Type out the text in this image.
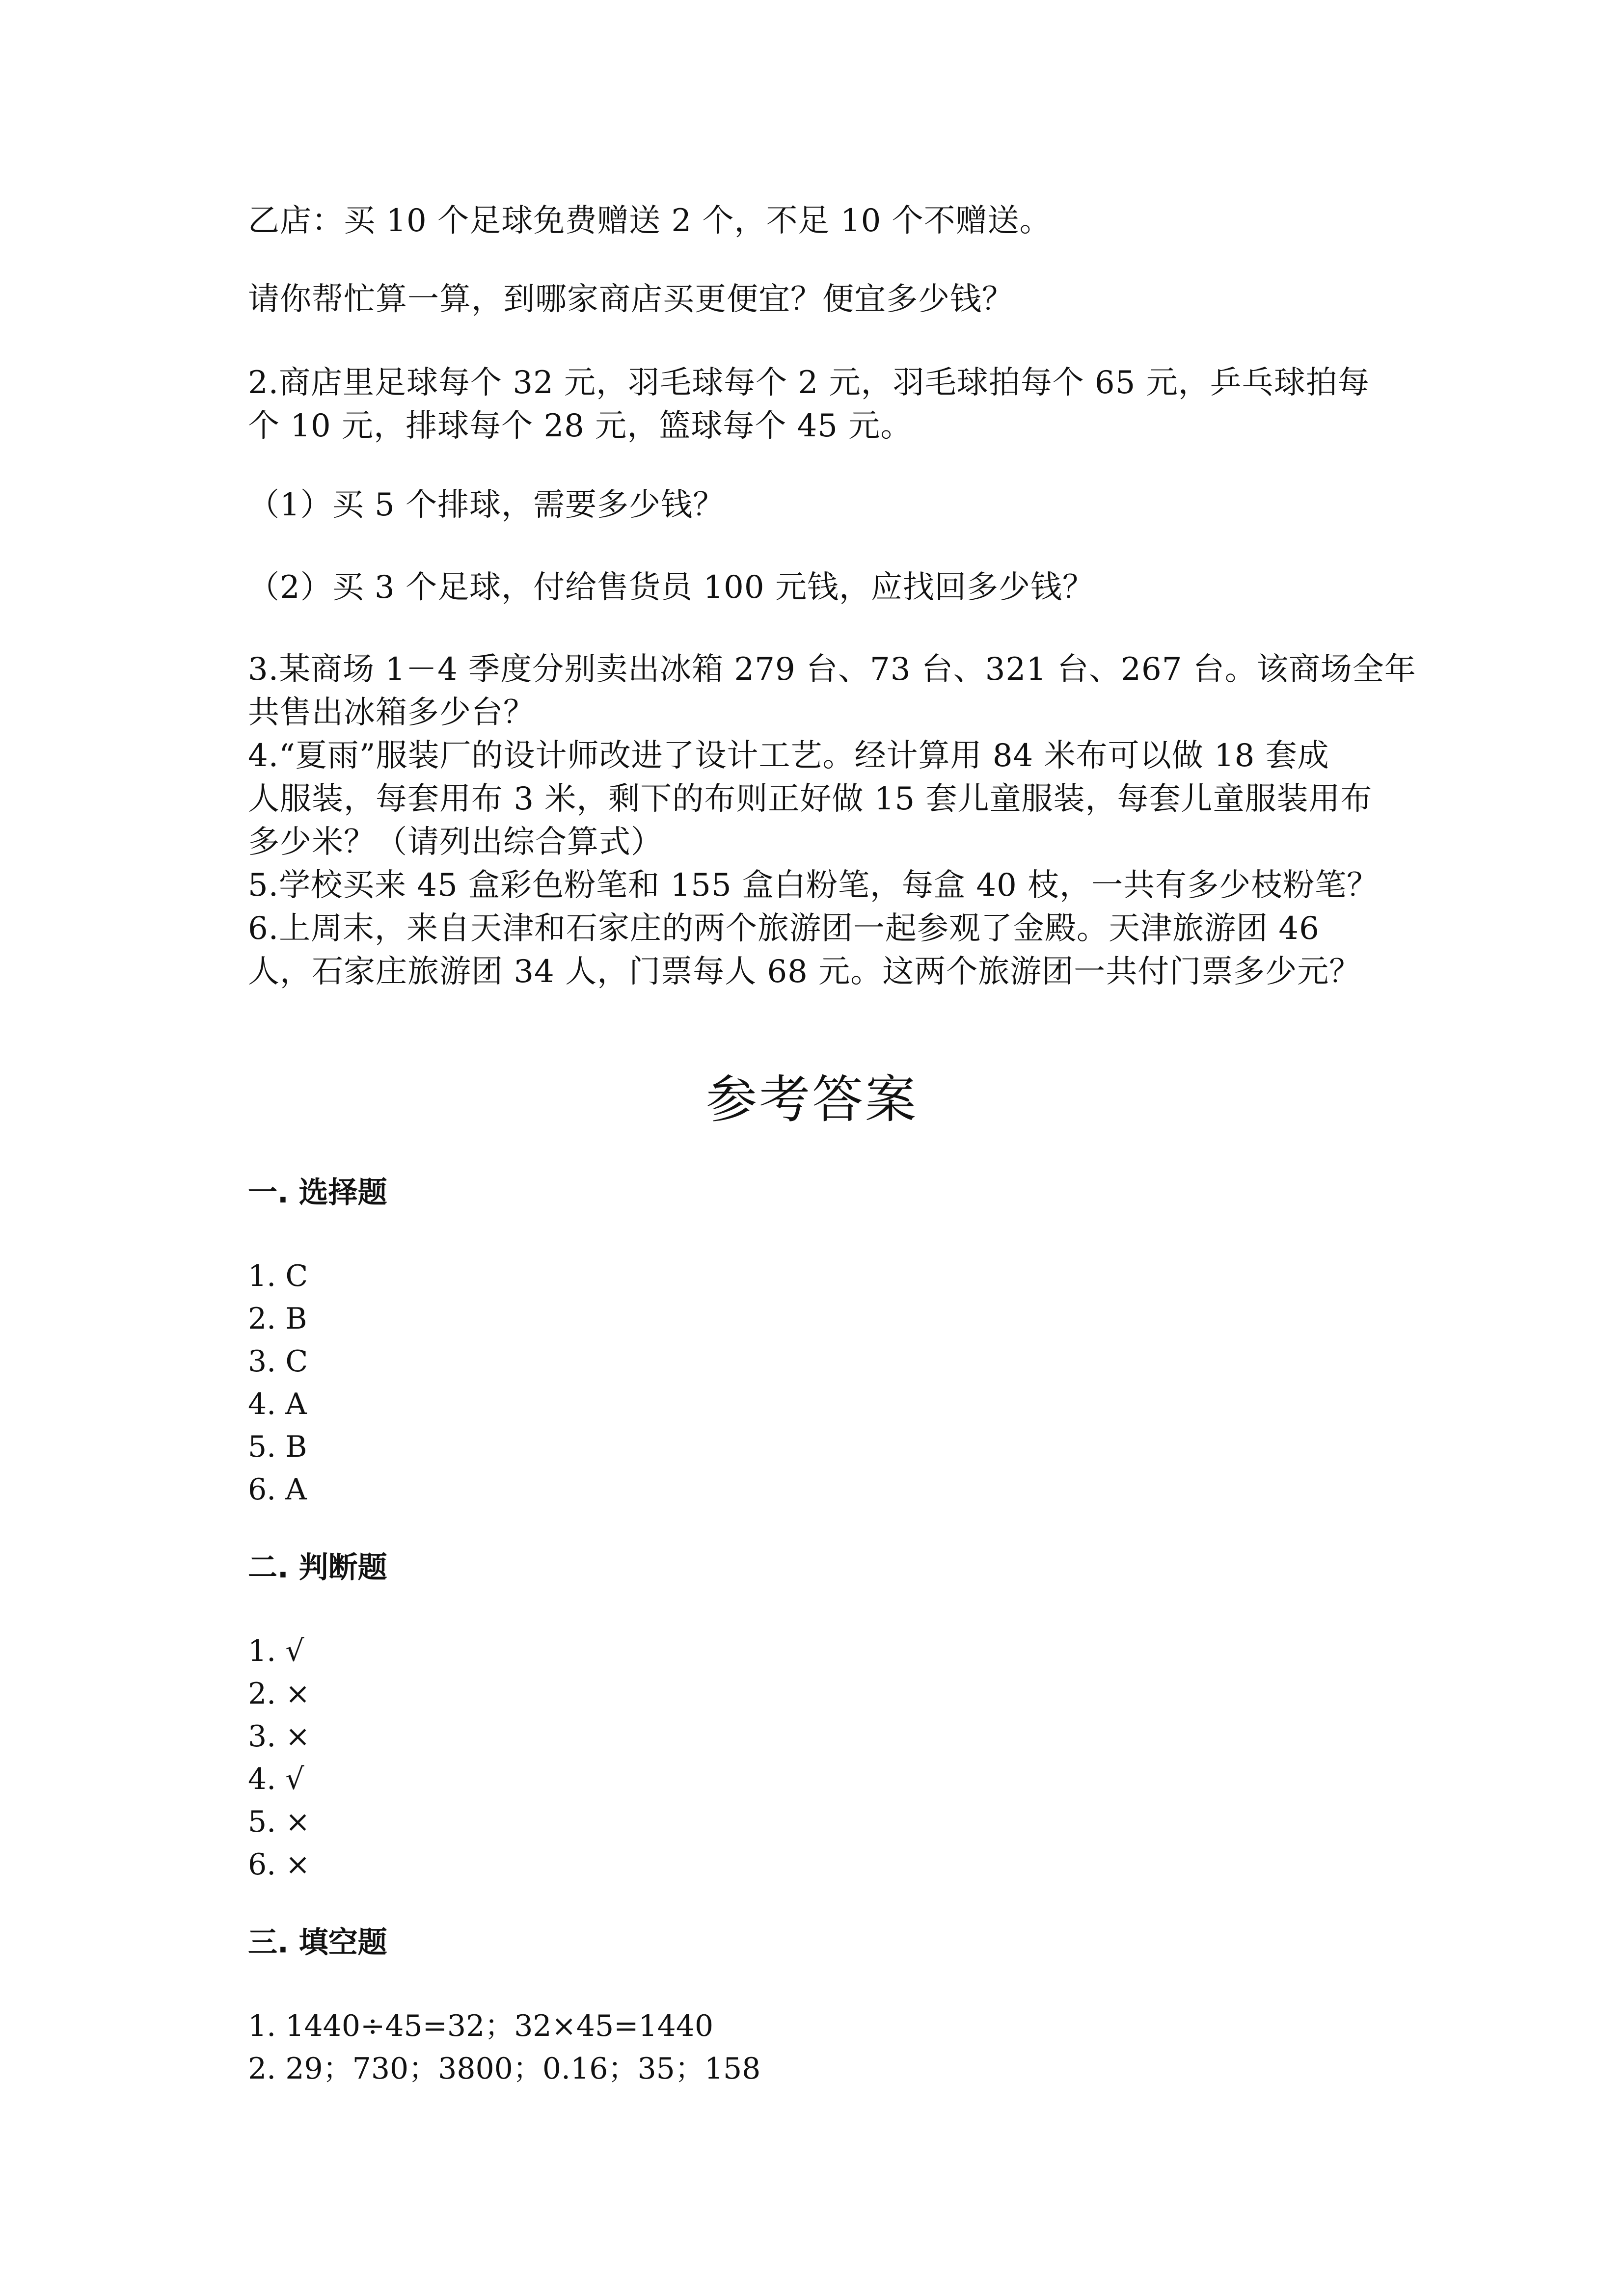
乙店：买 10 个足球免费赠送 2 个，不足 10 个不赠送。
请你帮忙算一算，到哪家商店买更便宜？便宜多少钱？
2.商店里足球每个 32 元，羽毛球每个 2 元，羽毛球拍每个 65 元，乒乓球拍每
个 10 元，排球每个 28 元，篮球每个 45 元。
（1）买 5 个排球，需要多少钱？
（2）买 3 个足球，付给售货员 100 元钱，应找回多少钱？
3.某商场 1－4 季度分别卖出冰箱 279 台、73 台、321 台、267 台。该商场全年
共售出冰箱多少台？
4.“夏雨”服装厂的设计师改进了设计工艺。经计算用 84 米布可以做 18 套成
人服装，每套用布 3 米，剩下的布则正好做 15 套儿童服装，每套儿童服装用布
多少米？（请列出综合算式）
5.学校买来 45 盒彩色粉笔和 155 盒白粉笔，每盒 40 枝，一共有多少枝粉笔？
6.上周末，来自天津和石家庄的两个旅游团一起参观了金殿。天津旅游团 46
人，石家庄旅游团 34 人，门票每人 68 元。这两个旅游团一共付门票多少元？
参考答案
一. 选择题
1. C
2. B
3. C
4. A
5. B
6. A
二. 判断题
1. √
2. ×
3. ×
4. √
5. ×
6. ×
三. 填空题
1. 1440÷45=32；32×45=1440
2. 29；730；3800；0.16；35；158
